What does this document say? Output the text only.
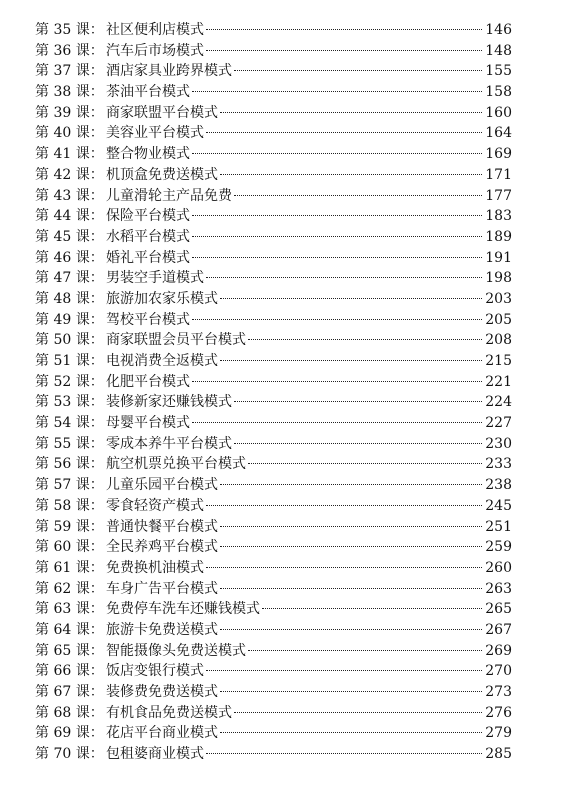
第 35 课： 社区便利店模式	146
第 36 课： 汽车后市场模式	148
第 37 课： 酒店家具业跨界模式	155
第 38 课： 茶油平台模式	158
第 39 课： 商家联盟平台模式	160
第 40 课： 美容业平台模式	164
第 41 课： 整合物业模式	169
第 42 课： 机顶盒免费送模式	171
第 43 课： 儿童滑轮主产品免费	177
第 44 课： 保险平台模式	183
第 45 课： 水稻平台模式	189
第 46 课： 婚礼平台模式	191
第 47 课： 男装空手道模式	198
第 48 课： 旅游加农家乐模式	203
第 49 课： 驾校平台模式	205
第 50 课： 商家联盟会员平台模式	208
第 51 课： 电视消费全返模式	215
第 52 课： 化肥平台模式	221
第 53 课： 装修新家还赚钱模式	224
第 54 课： 母婴平台模式	227
第 55 课： 零成本养牛平台模式	230
第 56 课： 航空机票兑换平台模式	233
第 57 课： 儿童乐园平台模式	238
第 58 课： 零食轻资产模式	245
第 59 课： 普通快餐平台模式	251
第 60 课： 全民养鸡平台模式	259
第 61 课： 免费换机油模式	260
第 62 课： 车身广告平台模式	263
第 63 课： 免费停车洗车还赚钱模式	265
第 64 课： 旅游卡免费送模式	267
第 65 课： 智能摄像头免费送模式	269
第 66 课： 饭店变银行模式	270
第 67 课： 装修费免费送模式	273
第 68 课： 有机食品免费送模式	276
第 69 课： 花店平台商业模式	279
第 70 课： 包租婆商业模式	285
